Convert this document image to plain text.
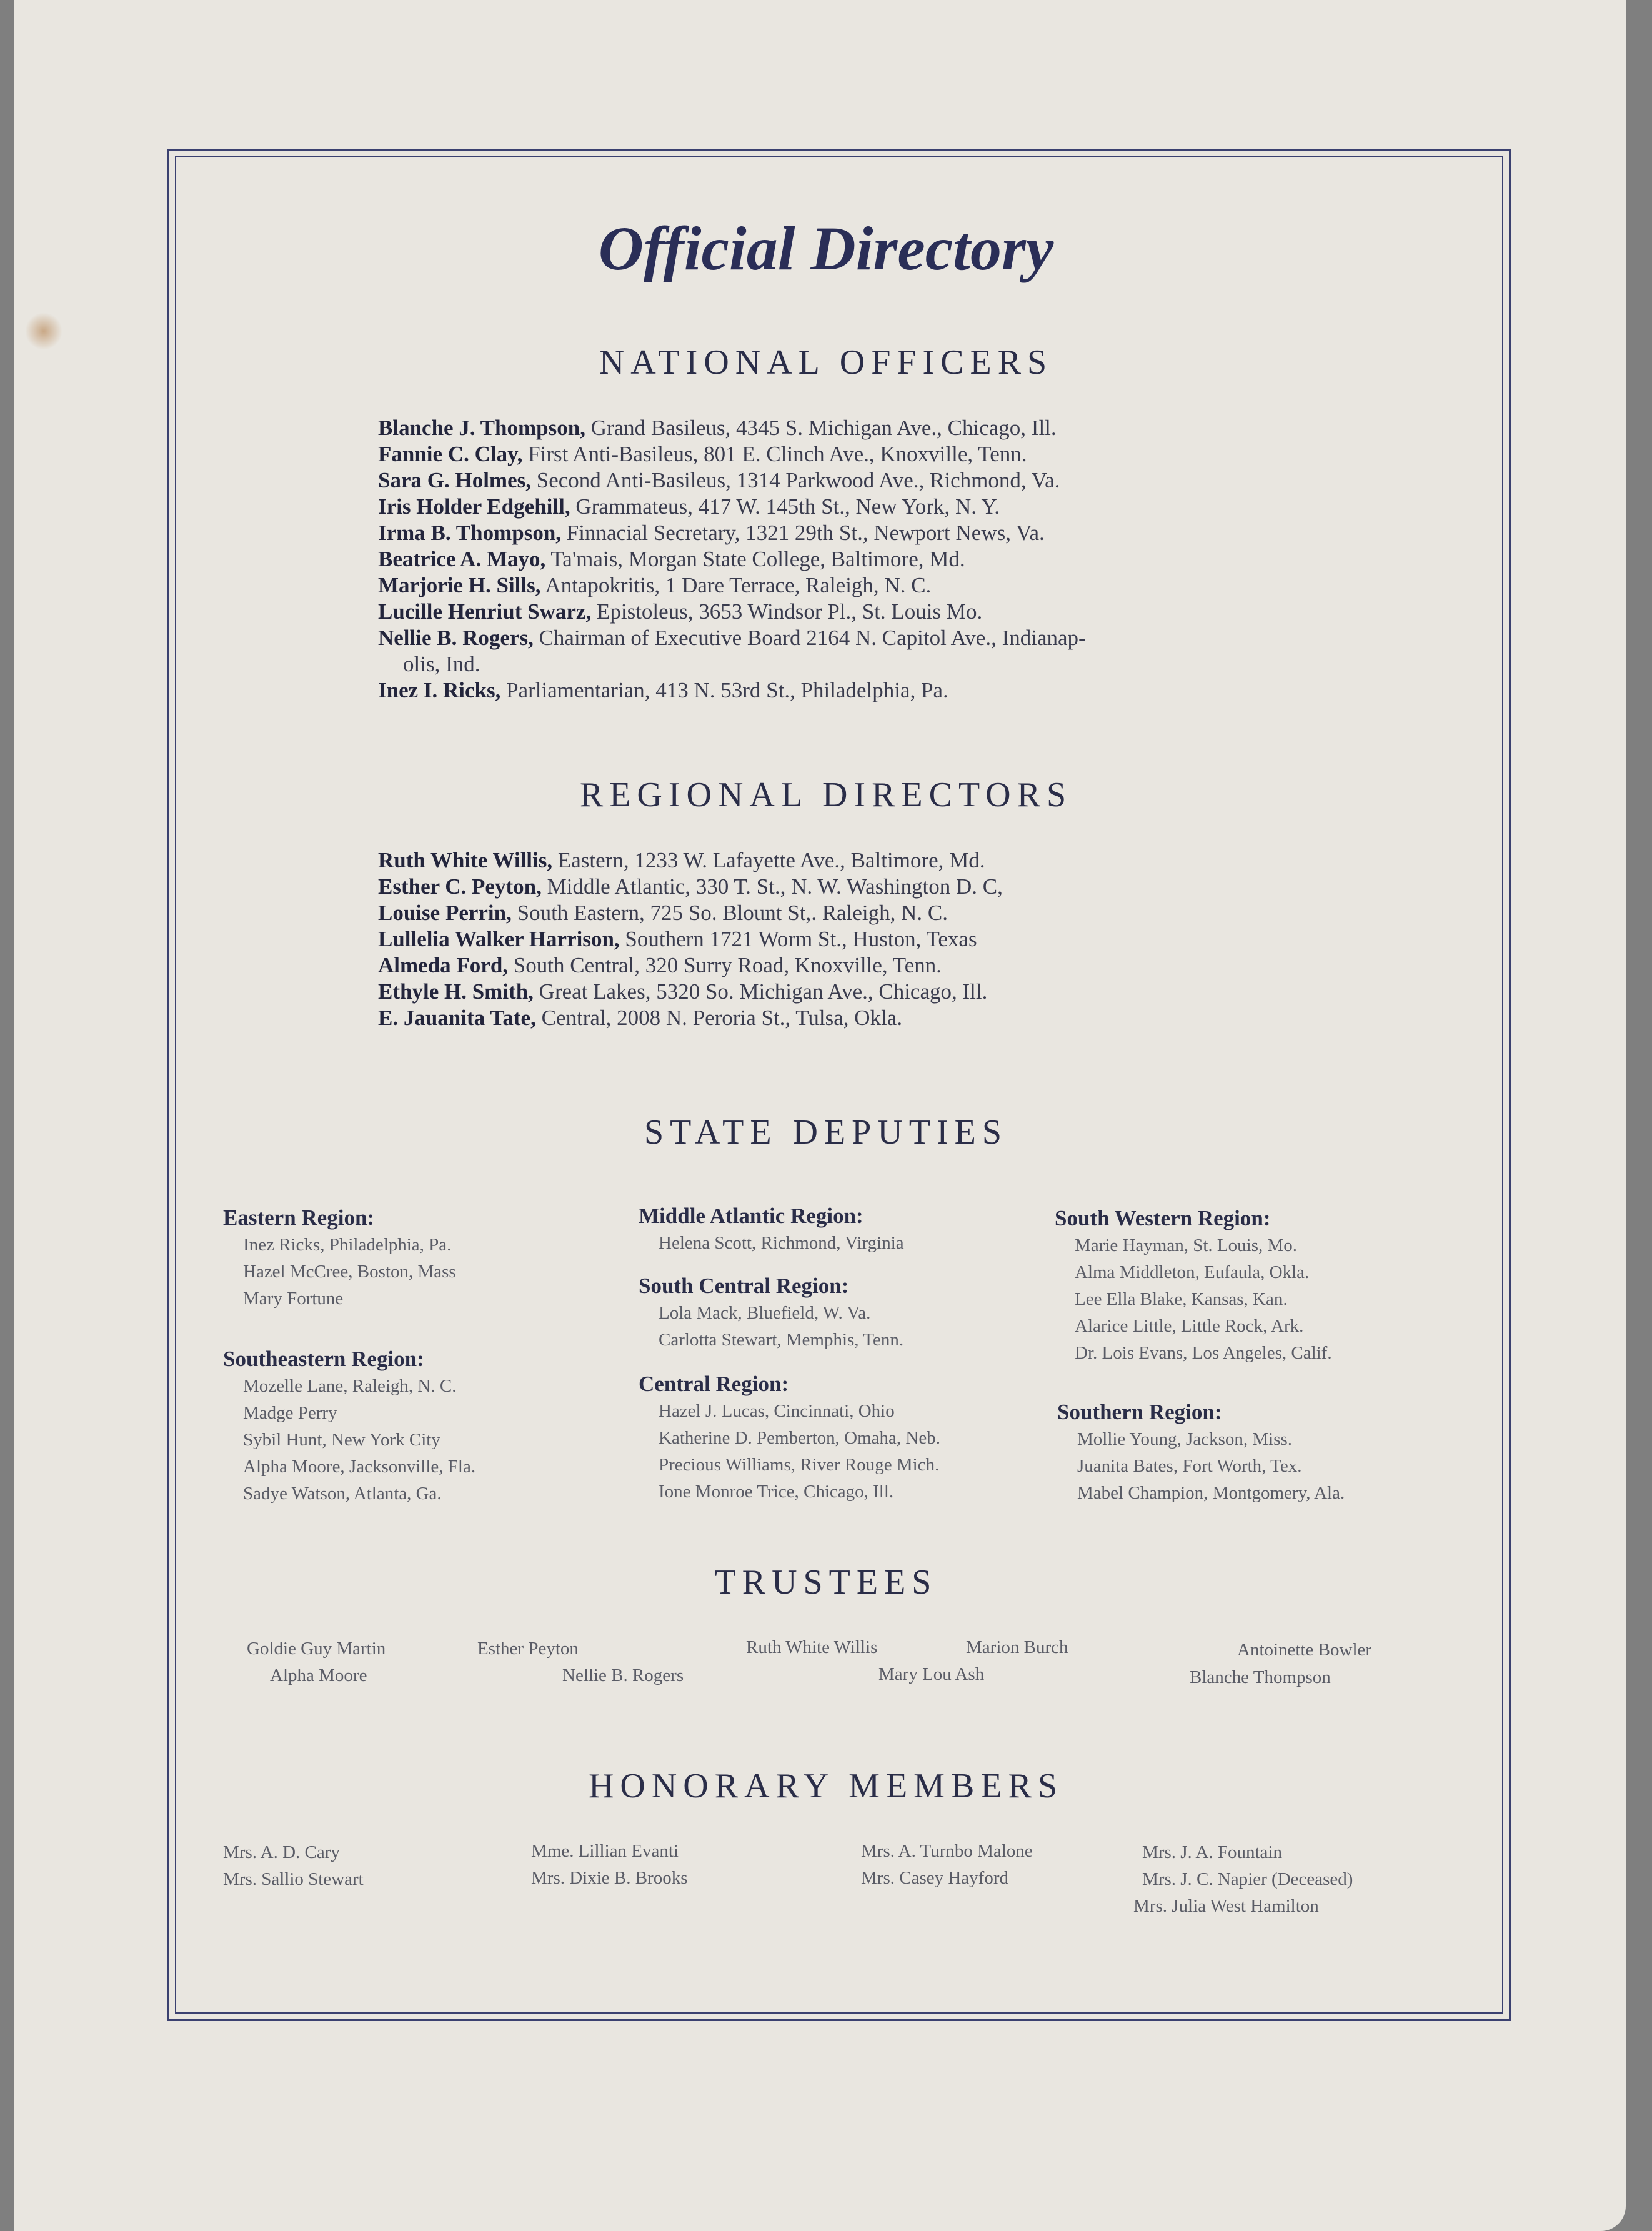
Official Directory
NATIONAL OFFICERS
Blanche J. Thompson, Grand Basileus, 4345 S. Michigan Ave., Chicago, Ill.
Fannie C. Clay, First Anti-Basileus, 801 E. Clinch Ave., Knoxville, Tenn.
Sara G. Holmes, Second Anti-Basileus, 1314 Parkwood Ave., Richmond, Va.
Iris Holder Edgehill, Grammateus, 417 W. 145th St., New York, N. Y.
Irma B. Thompson, Finnacial Secretary, 1321 29th St., Newport News, Va.
Beatrice A. Mayo, Ta'mais, Morgan State College, Baltimore, Md.
Marjorie H. Sills, Antapokritis, 1 Dare Terrace, Raleigh, N. C.
Lucille Henriut Swarz, Epistoleus, 3653 Windsor Pl., St. Louis Mo.
Nellie B. Rogers, Chairman of Executive Board 2164 N. Capitol Ave., Indianap-
olis, Ind.
Inez I. Ricks, Parliamentarian, 413 N. 53rd St., Philadelphia, Pa.
REGIONAL DIRECTORS
Ruth White Willis, Eastern, 1233 W. Lafayette Ave., Baltimore, Md.
Esther C. Peyton, Middle Atlantic, 330 T. St., N. W. Washington D. C,
Louise Perrin, South Eastern, 725 So. Blount St,. Raleigh, N. C.
Lullelia Walker Harrison, Southern 1721 Worm St., Huston, Texas
Almeda Ford, South Central, 320 Surry Road, Knoxville, Tenn.
Ethyle H. Smith, Great Lakes, 5320 So. Michigan Ave., Chicago, Ill.
E. Jauanita Tate, Central, 2008 N. Peroria St., Tulsa, Okla.
STATE DEPUTIES
Eastern Region:
Inez Ricks, Philadelphia, Pa.
Hazel McCree, Boston, Mass
Mary Fortune
Southeastern Region:
Mozelle Lane, Raleigh, N. C.
Madge Perry
Sybil Hunt, New York City
Alpha Moore, Jacksonville, Fla.
Sadye Watson, Atlanta, Ga.
Middle Atlantic Region:
Helena Scott, Richmond, Virginia
South Central Region:
Lola Mack, Bluefield, W. Va.
Carlotta Stewart, Memphis, Tenn.
Central Region:
Hazel J. Lucas, Cincinnati, Ohio
Katherine D. Pemberton, Omaha, Neb.
Precious Williams, River Rouge Mich.
Ione Monroe Trice, Chicago, Ill.
South Western Region:
Marie Hayman, St. Louis, Mo.
Alma Middleton, Eufaula, Okla.
Lee Ella Blake, Kansas, Kan.
Alarice Little, Little Rock, Ark.
Dr. Lois Evans, Los Angeles, Calif.
Southern Region:
Mollie Young, Jackson, Miss.
Juanita Bates, Fort Worth, Tex.
Mabel Champion, Montgomery, Ala.
TRUSTEES
Goldie Guy Martin
Alpha Moore
Esther Peyton
Nellie B. Rogers
Ruth White Willis	Marion Burch
Mary Lou Ash
Antoinette Bowler
Blanche Thompson
HONORARY MEMBERS
Mrs. A. D. Cary
Mrs. Sallio Stewart
Mme. Lillian Evanti
Mrs. Dixie B. Brooks
Mrs. A. Turnbo Malone
Mrs. Casey Hayford
Mrs. J. A. Fountain
Mrs. J. C. Napier (Deceased)
Mrs. Julia West Hamilton
